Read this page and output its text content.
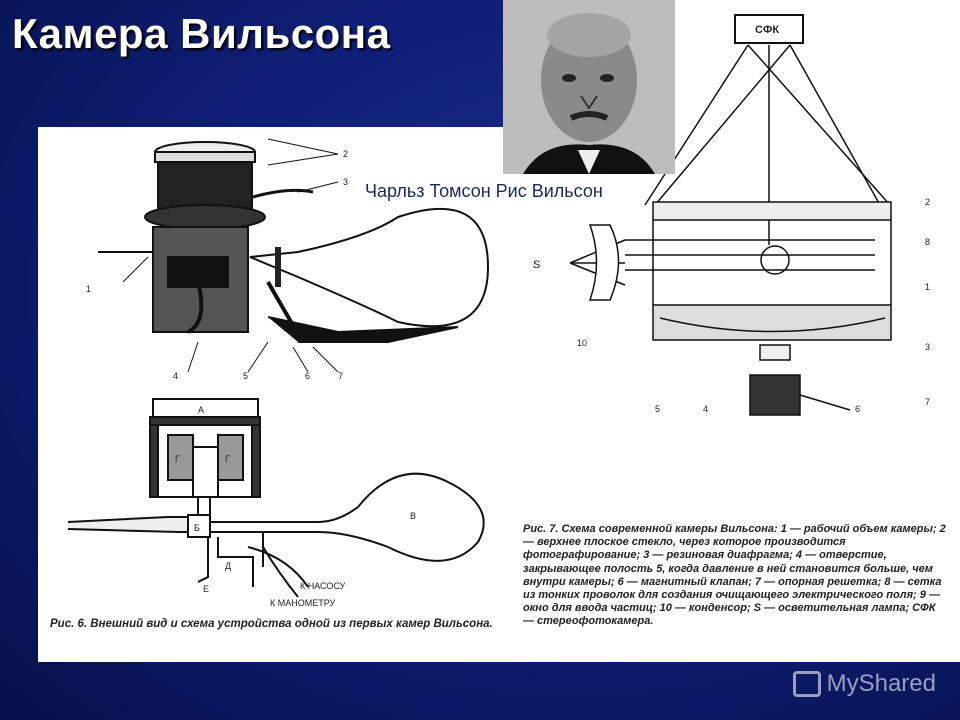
Камера Вильсона
1
2
3
4	5	6	7
А
Г	Г
Б
В
Д
Е	К НАСОСУ
К МАНОМЕТРУ
Рис. 6. Внешний вид и схема устройства одной из первых камер Вильсона.
СФК
2
8
1
3
7
6
4
5
10
S
Рис. 7. Схема современной камеры Вильсона: 1 — рабочий объем камеры; 2 — верхнее плоское стекло, через которое производится фотографирование; 3 — резиновая диафрагма; 4 — отверстие, закрывающее полость 5, когда давление в ней становится больше, чем внутри камеры; 6 — магнитный клапан; 7 — опорная решетка; 8 — сетка из тонких проволок для создания очищающего электрического поля; 9 — окно для ввода частиц; 10 — конденсор; S — осветительная лампа; СФК — стереофотокамера.
Чарльз Томсон Рис Вильсон
MyShared
